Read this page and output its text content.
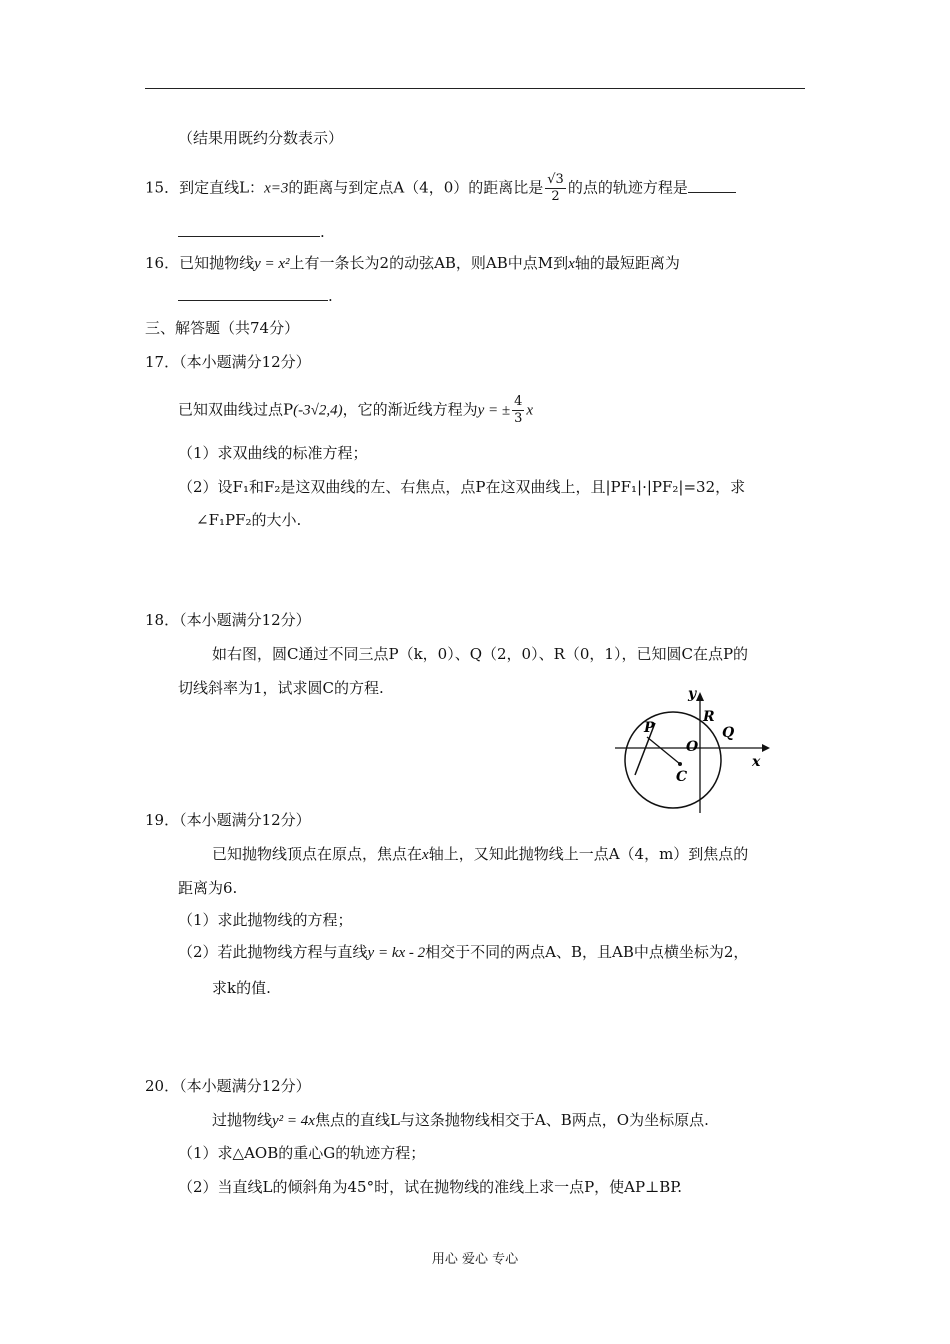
（结果用既约分数表示）
15．到定直线L：x=3的距离与到定点A（4，0）的距离比是 $\frac{√3}{2}$ 的点的轨迹方程是
.
16．已知抛物线y = x²上有一条长为2的动弦AB，则AB中点M到x轴的最短距离为
.
三、解答题（共74分）
17．（本小题满分12分）
已知双曲线过点P(-3√2,4)，它的渐近线方程为y = ± $\frac{4}{3}$ x
（1）求双曲线的标准方程；
（2）设F₁和F₂是这双曲线的左、右焦点，点P在这双曲线上，且|PF₁|·|PF₂|=32，求
∠F₁PF₂的大小.
18．（本小题满分12分）
如右图，圆C通过不同三点P（k，0）、Q（2，0）、R（0，1），已知圆C在点P的
切线斜率为1，试求圆C的方程.	y
x
P
R
Q
O
C
19．（本小题满分12分）
已知抛物线顶点在原点，焦点在x轴上，又知此抛物线上一点A（4，m）到焦点的
距离为6.
（1）求此抛物线的方程；
（2）若此抛物线方程与直线y = kx - 2相交于不同的两点A、B，且AB中点横坐标为2，
求k的值.
20．（本小题满分12分）
过抛物线y² = 4x焦点的直线L与这条抛物线相交于A、B两点，O为坐标原点.
（1）求△AOB的重心G的轨迹方程；
（2）当直线L的倾斜角为45°时，试在抛物线的准线上求一点P，使AP⊥BP.
用心 爱心 专心
